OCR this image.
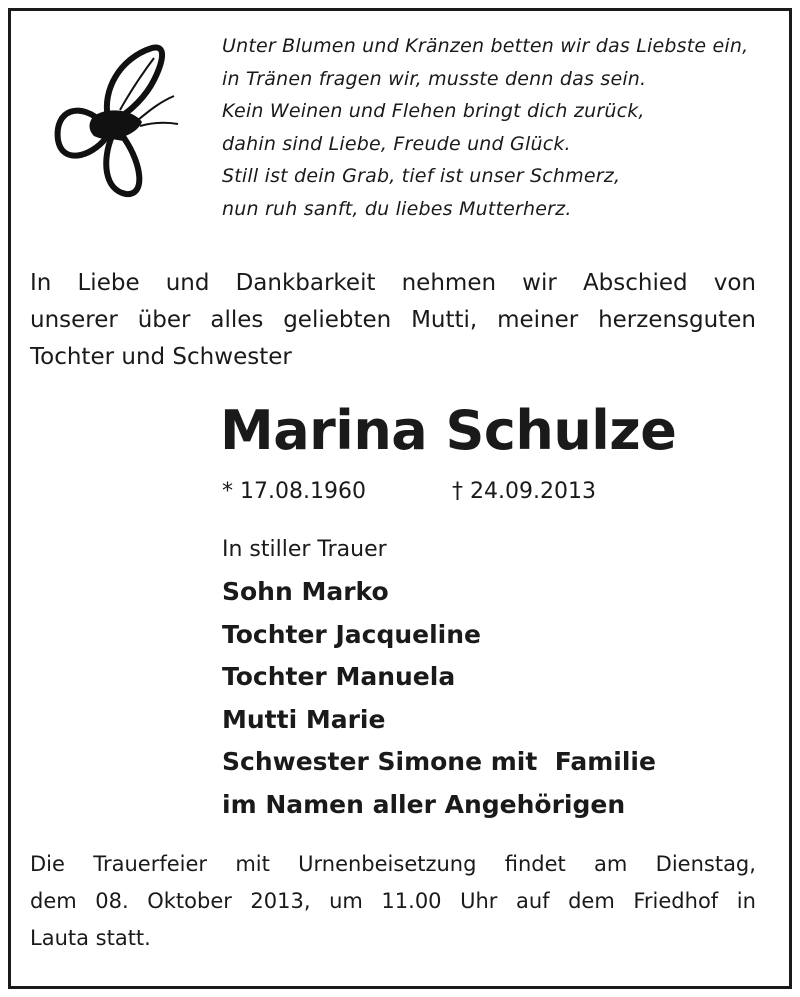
Unter Blumen und Kränzen betten wir das Liebste ein,
in Tränen fragen wir, musste denn das sein.
Kein Weinen und Flehen bringt dich zurück,
dahin sind Liebe, Freude und Glück.
Still ist dein Grab, tief ist unser Schmerz,
nun ruh sanft, du liebes Mutterherz.
In Liebe und Dankbarkeit nehmen wir Abschied von
unserer über alles geliebten Mutti, meiner herzensguten
Tochter und Schwester
Marina Schulze
* 17.08.1960	† 24.09.2013
In stiller Trauer
Sohn Marko
Tochter Jacqueline
Tochter Manuela
Mutti Marie
Schwester Simone mit  Familie
im Namen aller Angehörigen
Die Trauerfeier mit Urnenbeisetzung findet am Dienstag,
dem 08. Oktober 2013, um 11.00 Uhr auf dem Friedhof in
Lauta statt.
